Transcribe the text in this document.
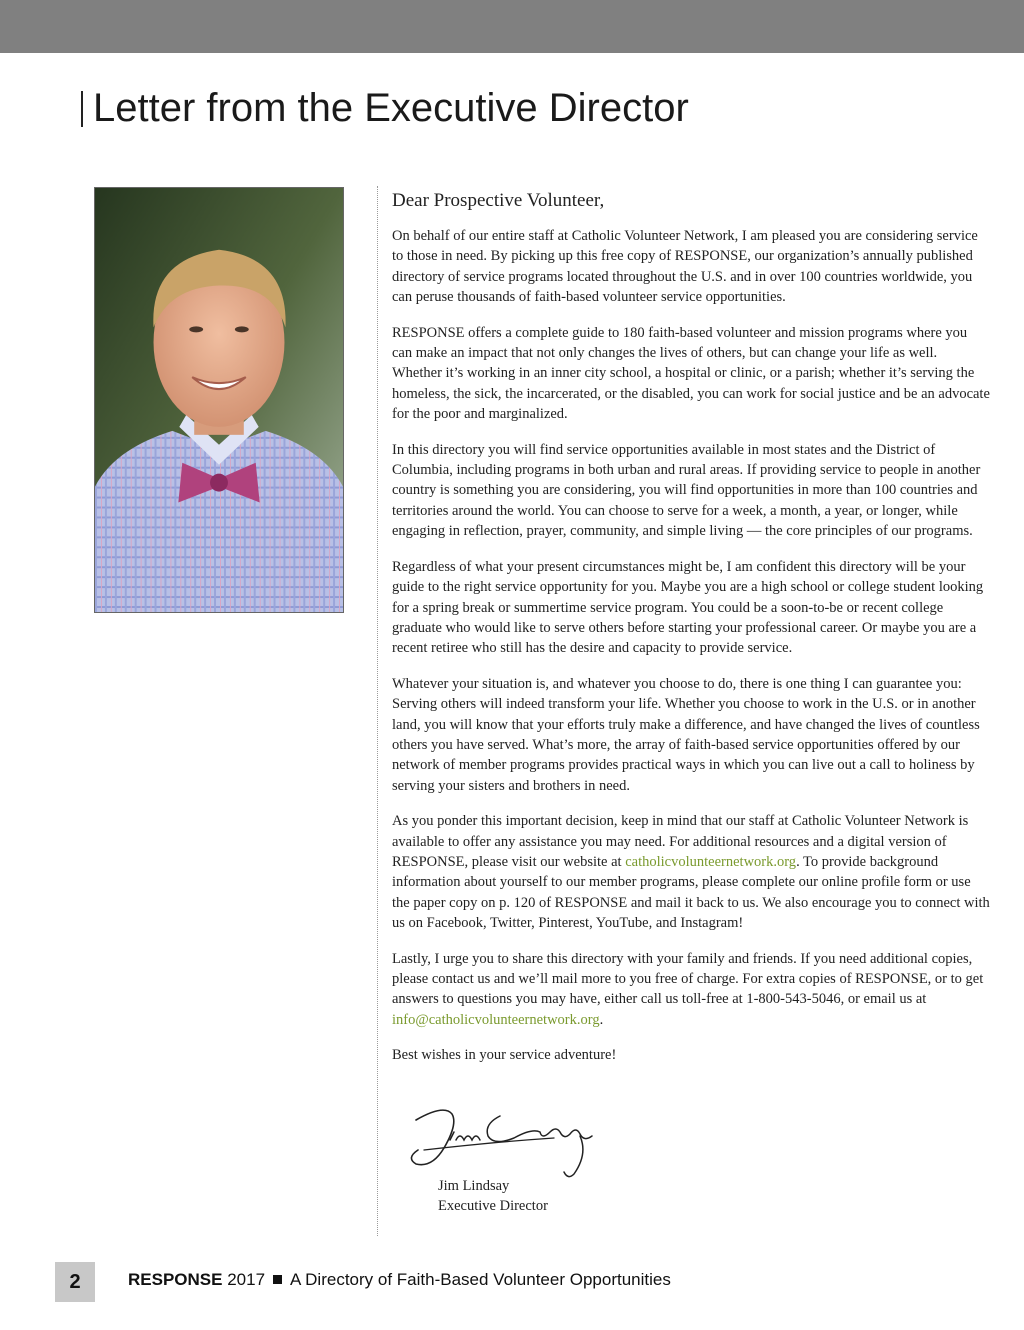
Letter from the Executive Director

Dear Prospective Volunteer,

On behalf of our entire staff at Catholic Volunteer Network, I am pleased you are considering service to those in need. By picking up this free copy of RESPONSE, our organization’s annually published directory of service programs located throughout the U.S. and in over 100 countries worldwide, you can peruse thousands of faith-based volunteer service opportunities.

RESPONSE offers a complete guide to 180 faith-based volunteer and mission programs where you can make an impact that not only changes the lives of others, but can change your life as well. Whether it’s working in an inner city school, a hospital or clinic, or a parish; whether it’s serving the homeless, the sick, the incarcerated, or the disabled, you can work for social justice and be an advocate for the poor and marginalized.

In this directory you will find service opportunities available in most states and the District of Columbia, including programs in both urban and rural areas. If providing service to people in another country is something you are considering, you will find opportunities in more than 100 countries and territories around the world. You can choose to serve for a week, a month, a year, or longer, while engaging in reflection, prayer, community, and simple living — the core principles of our programs.

Regardless of what your present circumstances might be, I am confident this directory will be your guide to the right service opportunity for you. Maybe you are a high school or college student looking for a spring break or summertime service program. You could be a soon-to-be or recent college graduate who would like to serve others before starting your professional career. Or maybe you are a recent retiree who still has the desire and capacity to provide service.

Whatever your situation is, and whatever you choose to do, there is one thing I can guarantee you: Serving others will indeed transform your life. Whether you choose to work in the U.S. or in another land, you will know that your efforts truly make a difference, and have changed the lives of countless others you have served. What’s more, the array of faith-based service opportunities offered by our network of member programs provides practical ways in which you can live out a call to holiness by serving your sisters and brothers in need.

As you ponder this important decision, keep in mind that our staff at Catholic Volunteer Network is available to offer any assistance you may need. For additional resources and a digital version of RESPONSE, please visit our website at catholicvolunteernetwork.org. To provide background information about yourself to our member programs, please complete our online profile form or use the paper copy on p. 120 of RESPONSE and mail it back to us. We also encourage you to connect with us on Facebook, Twitter, Pinterest, YouTube, and Instagram!

Lastly, I urge you to share this directory with your family and friends. If you need additional copies, please contact us and we’ll mail more to you free of charge. For extra copies of RESPONSE, or to get answers to questions you may have, either call us toll-free at 1-800-543-5046, or email us at info@catholicvolunteernetwork.org.

Best wishes in your service adventure!

Jim Lindsay
Executive Director
2	RESPONSE 2017 A Directory of Faith-Based Volunteer Opportunities
